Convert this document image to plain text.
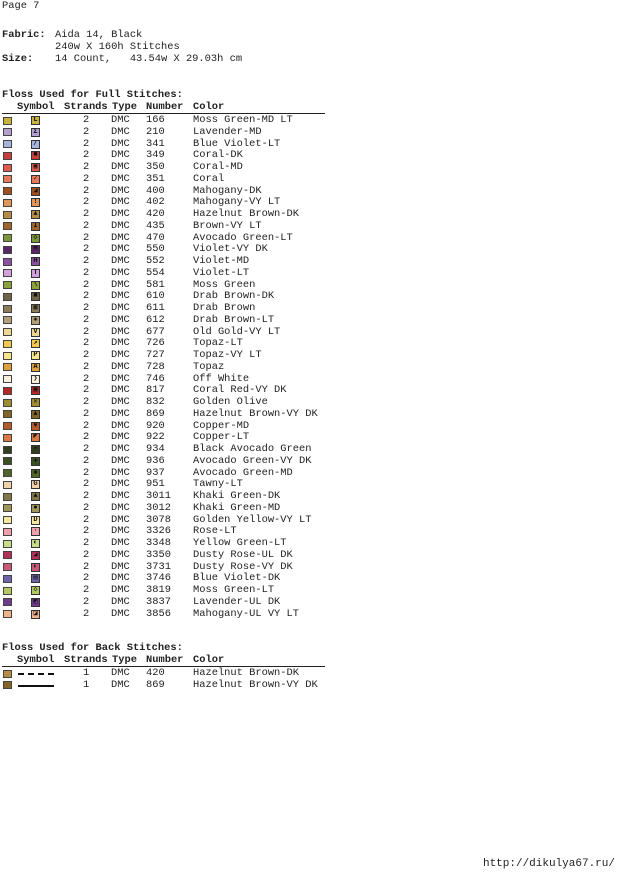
Page 7
Fabric: Aida 14, Black
240w X 160h Stitches
Size: 14 Count,   43.54w X 29.03h cm
Floss Used for Full Stitches:
Symbol Strands Type Number Color
L	2 DMC 166	Moss Green-MD LT
Σ	2 DMC 210	Lavender-MD
/	2 DMC 341	Blue Violet-LT
■	2 DMC 349	Coral-DK
▣	2 DMC 350	Coral-MD
✓	2 DMC 351	Coral
◢	2 DMC 400	Mahogany-DK
!	2 DMC 402	Mahogany-VY LT
▲	2 DMC 420	Hazelnut Brown-DK
I	2 DMC 435	Brown-VY LT
◇	2 DMC 470	Avocado Green-LT
M	2 DMC 550	Violet-VY DK
H	2 DMC 552	Violet-MD
T	2 DMC 554	Violet-LT
\	2 DMC 581	Moss Green
■	2 DMC 610	Drab Brown-DK
▦	2 DMC 611	Drab Brown
◈	2 DMC 612	Drab Brown-LT
V	2 DMC 677	Old Gold-VY LT
↗	2 DMC 726	Topaz-LT
P	2 DMC 727	Topaz-VY LT
A	2 DMC 728	Topaz
❯	2 DMC 746	Off White
▣	2 DMC 817	Coral Red-VY DK
✕	2 DMC 832	Golden Olive
▲	2 DMC 869	Hazelnut Brown-VY DK
♥	2 DMC 920	Copper-MD
◤	2 DMC 922	Copper-LT
▪	2 DMC 934	Black Avocado Green
✚	2 DMC 936	Avocado Green-VY DK
✱	2 DMC 937	Avocado Green-MD
G	2 DMC 951	Tawny-LT
▲	2 DMC 3011 Khaki Green-DK
●	2 DMC 3012 Khaki Green-MD
D	2 DMC 3078 Golden Yellow-VY LT
·	2 DMC 3326 Rose-LT
◐	2 DMC 3348 Yellow Green-LT
◢	2 DMC 3350 Dusty Rose-UL DK
◐	2 DMC 3731 Dusty Rose-VY DK
▤	2 DMC 3746 Blue Violet-DK
◇	2 DMC 3819 Moss Green-LT
◩	2 DMC 3837 Lavender-UL DK
◪	2 DMC 3856 Mahogany-UL VY LT
Floss Used for Back Stitches:
Symbol Strands Type Number Color
1 DMC 420	Hazelnut Brown-DK
1 DMC 869	Hazelnut Brown-VY DK
http://dikulya67.ru/
